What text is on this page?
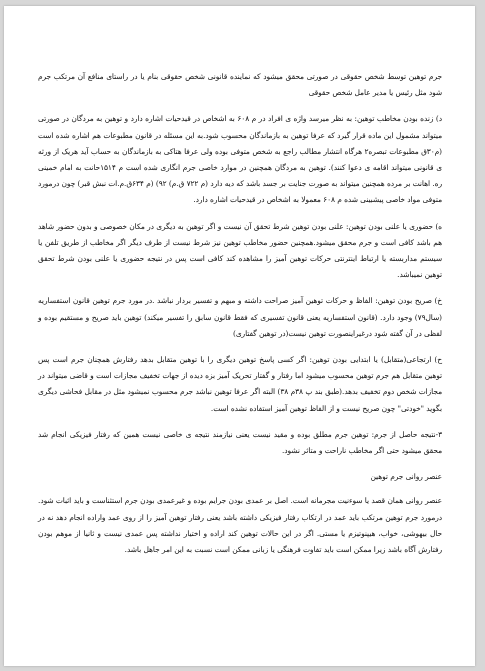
جرم توهین توسط شخص حقوقی در صورتی محقق میشود که نماینده قانونی شخص حقوقی بنام یا در راستای منافع آن مرتکب جرم شود مثل رئیس یا مدیر عامل شخص حقوقی

د) زنده بودن مخاطب توهین: به نظر میرسد واژه ی افراد در م ۶۰۸ به اشخاص در قیدحیات اشاره دارد و توهین به مردگان در صورتی میتواند مشمول این ماده قرار گیرد که عرفا توهین به بازماندگان محسوب شود.به این مسئله در قانون مطبوعات هم اشاره شده است (م۳۰ق مطبوعات تبصره۲ هرگاه انتشار مطالب راجع به شخص متوفی بوده ولی عرفا هتاکی به بازماندگان به حساب آید هریک از ورثه ی قانونی میتواند اقامه ی دعوا کنند). توهین به مردگان همچنین در موارد خاصی جرم انگاری شده است م ۱۵۱۴حانت به امام خمینی ره. اهانت بر مرده همچنین میتواند به صورت جنایت بر جسد باشد که دیه دارد (م ۷۲۲ ق.م) ۹۲) (م ۶۳۴ق.م.ات نبش قبر) چون درمورد متوفی مواد خاصی پیشبینی شده م ۶۰۸ معمولا به اشخاص در قیدحیات اشاره دارد.

ه) حضوری یا علنی بودن توهین: علنی بودن توهین شرط تحقق آن نیست و اگر توهین به دیگری در مکان خصوصی و بدون حضور شاهد هم باشد کافی است و جرم محقق میشود.همچنین حضور مخاطب توهین نیز شرط نیست از طرف دیگر اگر مخاطب از طریق تلفن یا سیستم مداربسته یا ارتباط اینترنتی حرکات توهین آمیز را مشاهده کند کافی است پس در نتیجه حضوری یا علنی بودن شرط تحقق توهین نمیباشد.

خ) صریح بودن توهین: الفاظ و حرکات توهین آمیز صراحت داشته و مبهم و تفسیر بردار نباشد .در مورد جرم توهین قانون استفساریه (سال۷۹) وجود دارد. (قانون استفساریه یعنی قانون تفسیری که فقط قانون سابق را تفسیر میکند) توهین باید صریح و مستقیم بوده و لفظی در آن گفته شود درغیراینصورت توهین نیست(در توهین گفتاری)

ح) ارتجاعی(متقابل) یا ابتدایی بودن توهین: اگر کسی پاسخ توهین دیگری را با توهین متقابل بدهد رفتارش همچنان جرم است پس توهین متقابل هم جرم توهین محسوب میشود اما رفتار و گفتار تحریک آمیز بزه دیده از جهات تخفیف مجازات است و قاضی میتواند در مجازات شخص دوم تخفیف بدهد.(طبق بند پ ۳۸م ۳۸) البته اگر عرفا توهین نباشد جرم محسوب نمیشود مثل در مقابل فحاشی دیگری بگوید "خودتی" چون صریح نیست و از الفاظ توهین آمیز استفاده نشده است.

۳-نتیجه حاصل از جرم: توهین جرم مطلق بوده و مقید نیست یعنی نیازمند نتیجه ی خاصی نیست همین که رفتار فیزیکی انجام شد محقق میشود حتی اگر مخاطب ناراحت و متاثر نشود.

عنصر روانی جرم توهین

عنصر روانی همان قصد یا سوءنیت مجرمانه است. اصل بر عمدی بودن جرایم بوده و غیرعمدی بودن جرم استثناست و باید اثبات شود. درمورد جرم توهین مرتکب باید عمد در ارتکاب رفتار فیزیکی داشته باشد یعنی رفتار توهین آمیز را از روی عمد واراده انجام دهد نه در حال بیهوشی، خواب، هیپنوتیزم یا مستی. اگر در این حالات توهین کند اراده و اختیار نداشته پس عمدی نیست و ثانیا از موهم بودن رفتارش آگاه باشد زیرا ممکن است باید تفاوت فرهنگی یا زبانی ممکن است نسبت به این امر جاهل باشد.
